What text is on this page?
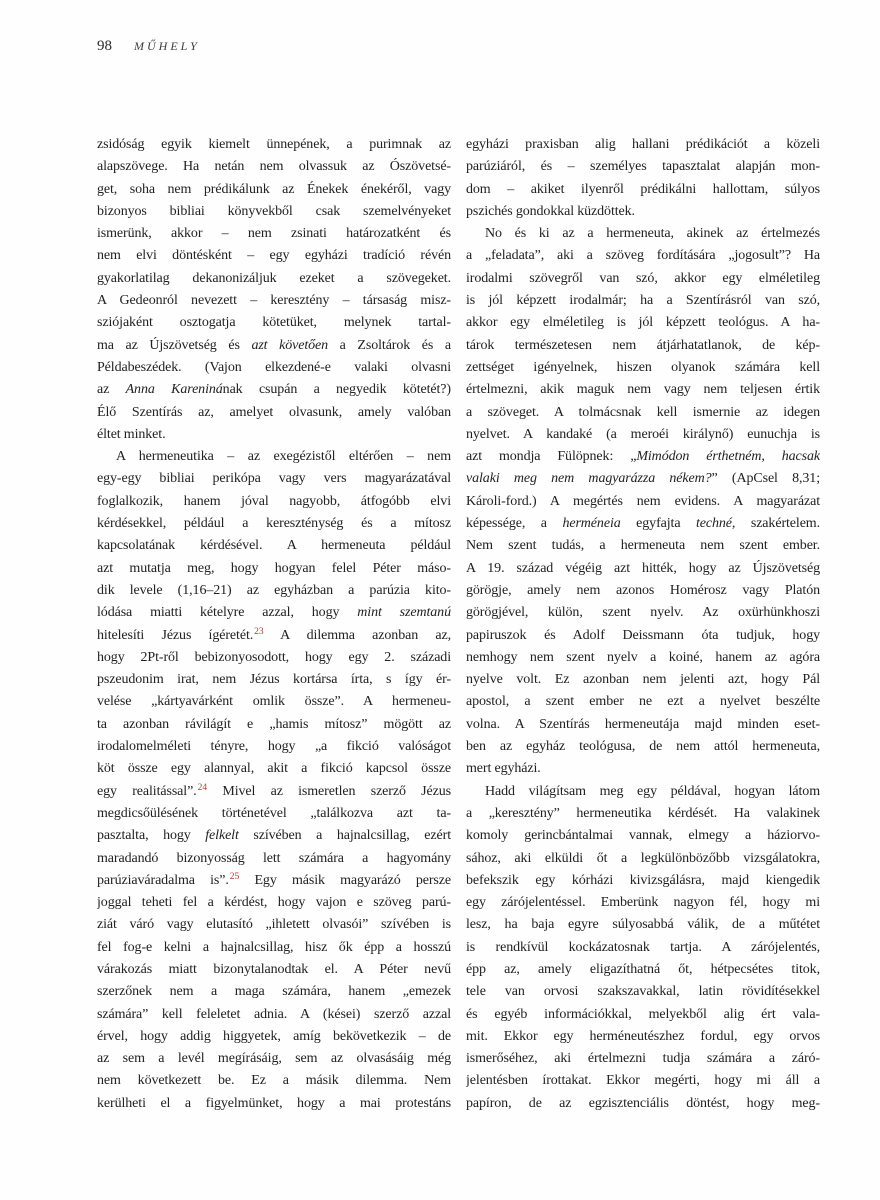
98 MŰHELY
zsidóság egyik kiemelt ünnepének, a purimnak az
alapszövege. Ha netán nem olvassuk az Ószövetsé-
get, soha nem prédikálunk az Énekek énekéről, vagy
bizonyos bibliai könyvekből csak szemelvényeket
ismerünk, akkor – nem zsinati határozatként és
nem elvi döntésként – egy egyházi tradíció révén
gyakorlatilag dekanonizáljuk ezeket a szövegeket.
A Gedeonról nevezett – keresztény – társaság misz-
sziójaként osztogatja kötetüket, melynek tartal-
ma az Újszövetség és azt követően a Zsoltárok és a
Példabeszédek. (Vajon elkezdené-e valaki olvasni
az Anna Kareninának csupán a negyedik kötetét?)
Élő Szentírás az, amelyet olvasunk, amely valóban
éltet minket.
A hermeneutika – az exegézistől eltérően – nem
egy-egy bibliai perikópa vagy vers magyarázatával
foglalkozik, hanem jóval nagyobb, átfogóbb elvi
kérdésekkel, például a kereszténység és a mítosz
kapcsolatának kérdésével. A hermeneuta például
azt mutatja meg, hogy hogyan felel Péter máso-
dik levele (1,16–21) az egyházban a parúzia kito-
lódása miatti kételyre azzal, hogy mint szemtanú
hitelesíti Jézus ígéretét.$^{23}$ A dilemma azonban az,
hogy 2Pt-ről bebizonyosodott, hogy egy 2. századi
pszeudonim irat, nem Jézus kortársa írta, s így ér-
velése „kártyavárként omlik össze”. A hermeneu-
ta azonban rávilágít e „hamis mítosz” mögött az
irodalomelméleti tényre, hogy „a fikció valóságot
köt össze egy alannyal, akit a fikció kapcsol össze
egy realitással”.$^{24}$ Mivel az ismeretlen szerző Jézus
megdicsőülésének történetével „találkozva azt ta-
pasztalta, hogy felkelt szívében a hajnalcsillag, ezért
maradandó bizonyosság lett számára a hagyomány
parúziaváradalma is”.$^{25}$ Egy másik magyarázó persze
joggal teheti fel a kérdést, hogy vajon e szöveg parú-
ziát váró vagy elutasító „ihletett olvasói” szívében is
fel fog-e kelni a hajnalcsillag, hisz ők épp a hosszú
várakozás miatt bizonytalanodtak el. A Péter nevű
szerzőnek nem a maga számára, hanem „emezek
számára” kell feleletet adnia. A (kései) szerző azzal
érvel, hogy addig higgyetek, amíg bekövetkezik – de
az sem a levél megírásáig, sem az olvasásáig még
nem következett be. Ez a másik dilemma. Nem
kerülheti el a figyelmünket, hogy a mai protestáns
egyházi praxisban alig hallani prédikációt a közeli
parúziáról, és – személyes tapasztalat alapján mon-
dom – akiket ilyenről prédikálni hallottam, súlyos
pszichés gondokkal küzdöttek.
No és ki az a hermeneuta, akinek az értelmezés
a „feladata”, aki a szöveg fordítására „jogosult”? Ha
irodalmi szövegről van szó, akkor egy elméletileg
is jól képzett irodalmár; ha a Szentírásról van szó,
akkor egy elméletileg is jól képzett teológus. A ha-
tárok természetesen nem átjárhatatlanok, de kép-
zettséget igényelnek, hiszen olyanok számára kell
értelmezni, akik maguk nem vagy nem teljesen értik
a szöveget. A tolmácsnak kell ismernie az idegen
nyelvet. A kandaké (a meroéi királynő) eunuchja is
azt mondja Fülöpnek: „Mimódon érthetném, hacsak
valaki meg nem magyarázza nékem?” (ApCsel 8,31;
Károli-ford.) A megértés nem evidens. A magyarázat
képessége, a herméneia egyfajta techné, szakértelem.
Nem szent tudás, a hermeneuta nem szent ember.
A 19. század végéig azt hitték, hogy az Újszövetség
görögje, amely nem azonos Homérosz vagy Platón
görögjével, külön, szent nyelv. Az oxürhünkhoszi
papiruszok és Adolf Deissmann óta tudjuk, hogy
nemhogy nem szent nyelv a koiné, hanem az agóra
nyelve volt. Ez azonban nem jelenti azt, hogy Pál
apostol, a szent ember ne ezt a nyelvet beszélte
volna. A Szentírás hermeneutája majd minden eset-
ben az egyház teológusa, de nem attól hermeneuta,
mert egyházi.
Hadd világítsam meg egy példával, hogyan látom
a „keresztény” hermeneutika kérdését. Ha valakinek
komoly gerincbántalmai vannak, elmegy a háziorvo-
sához, aki elküldi őt a legkülönbözőbb vizsgálatokra,
befekszik egy kórházi kivizsgálásra, majd kiengedik
egy zárójelentéssel. Emberünk nagyon fél, hogy mi
lesz, ha baja egyre súlyosabbá válik, de a műtétet
is rendkívül kockázatosnak tartja. A zárójelentés,
épp az, amely eligazíthatná őt, hétpecsétes titok,
tele van orvosi szakszavakkal, latin rövidítésekkel
és egyéb információkkal, melyekből alig ért vala-
mit. Ekkor egy herméneutészhez fordul, egy orvos
ismerőséhez, aki értelmezni tudja számára a záró-
jelentésben írottakat. Ekkor megérti, hogy mi áll a
papíron, de az egzisztenciális döntést, hogy meg-
